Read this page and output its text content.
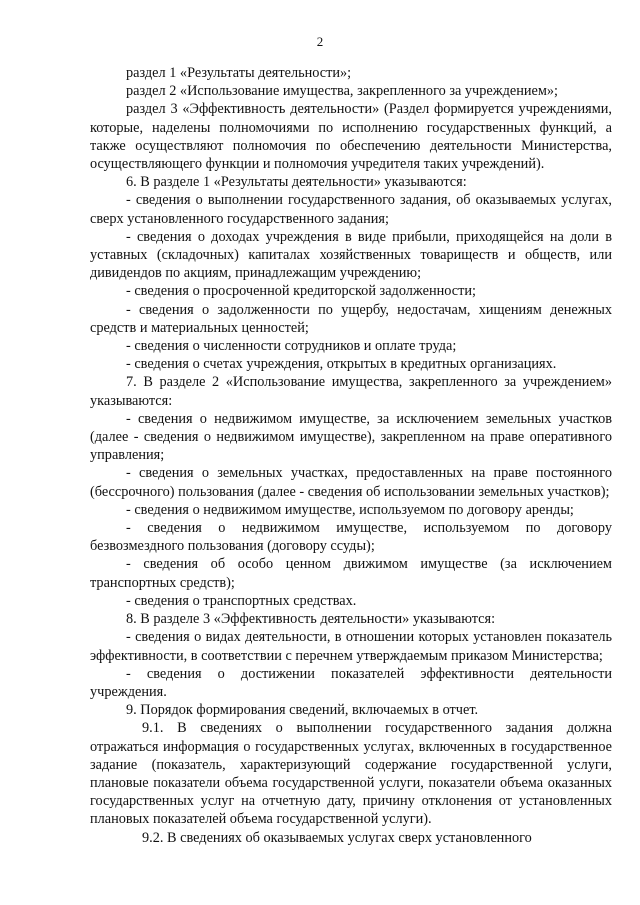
2

раздел 1 «Результаты деятельности»;

раздел 2 «Использование имущества, закрепленного за учреждением»;

раздел 3 «Эффективность деятельности» (Раздел формируется учреждениями, которые, наделены полномочиями по исполнению государственных функций, а также осуществляют полномочия по обеспечению деятельности Министерства, осуществляющего функции и полномочия учредителя таких учреждений).

6. В разделе 1 «Результаты деятельности» указываются:

- сведения о выполнении государственного задания, об оказываемых услугах, сверх установленного государственного задания;

- сведения о доходах учреждения в виде прибыли, приходящейся на доли в уставных (складочных) капиталах хозяйственных товариществ и обществ, или дивидендов по акциям, принадлежащим учреждению;

- сведения о просроченной кредиторской задолженности;

- сведения о задолженности по ущербу, недостачам, хищениям денежных средств и материальных ценностей;

- сведения о численности сотрудников и оплате труда;

- сведения о счетах учреждения, открытых в кредитных организациях.

7. В разделе 2 «Использование имущества, закрепленного за учреждением» указываются:

- сведения о недвижимом имуществе, за исключением земельных участков (далее - сведения о недвижимом имуществе), закрепленном на праве оперативного управления;

- сведения о земельных участках, предоставленных на праве постоянного (бессрочного) пользования (далее - сведения об использовании земельных участков);

- сведения о недвижимом имуществе, используемом по договору аренды;

- сведения о недвижимом имуществе, используемом по договору безвозмездного пользования (договору ссуды);

- сведения об особо ценном движимом имуществе (за исключением транспортных средств);

- сведения о транспортных средствах.

8. В разделе 3 «Эффективность деятельности» указываются:

- сведения о видах деятельности, в отношении которых установлен показатель эффективности, в соответствии с перечнем утверждаемым приказом Министерства;

- сведения о достижении показателей эффективности деятельности учреждения.

9. Порядок формирования сведений, включаемых в отчет.

9.1. В сведениях о выполнении государственного задания должна отражаться информация о государственных услугах, включенных в государственное задание (показатель, характеризующий содержание государственной услуги, плановые показатели объема государственной услуги, показатели объема оказанных государственных услуг на отчетную дату, причину отклонения от установленных плановых показателей объема государственной услуги).

9.2. В сведениях об оказываемых услугах сверх установленного
